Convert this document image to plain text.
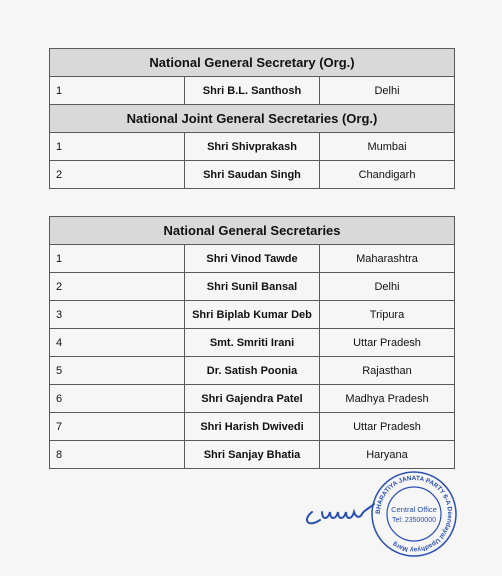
National General Secretary (Org.)		
1	Shri B.L. Santhosh	Delhi
National Joint General Secretaries (Org.)		
1	Shri Shivprakash	Mumbai
2	Shri Saudan Singh	Chandigarh
National General Secretaries		
1	Shri Vinod Tawde	Maharashtra
2	Shri Sunil Bansal	Delhi
3	Shri Biplab Kumar Deb	Tripura
4	Smt. Smriti Irani	Uttar Pradesh
5	Dr. Satish Poonia	Rajasthan
6	Shri Gajendra Patel	Madhya Pradesh
7	Shri Harish Dwivedi	Uttar Pradesh
8	Shri Sanjay Bhatia	Haryana
BHARATIYA JANATA PARTY 6-A Deendayal Upadhyay Marg
Central Office
Tel: 23500000
